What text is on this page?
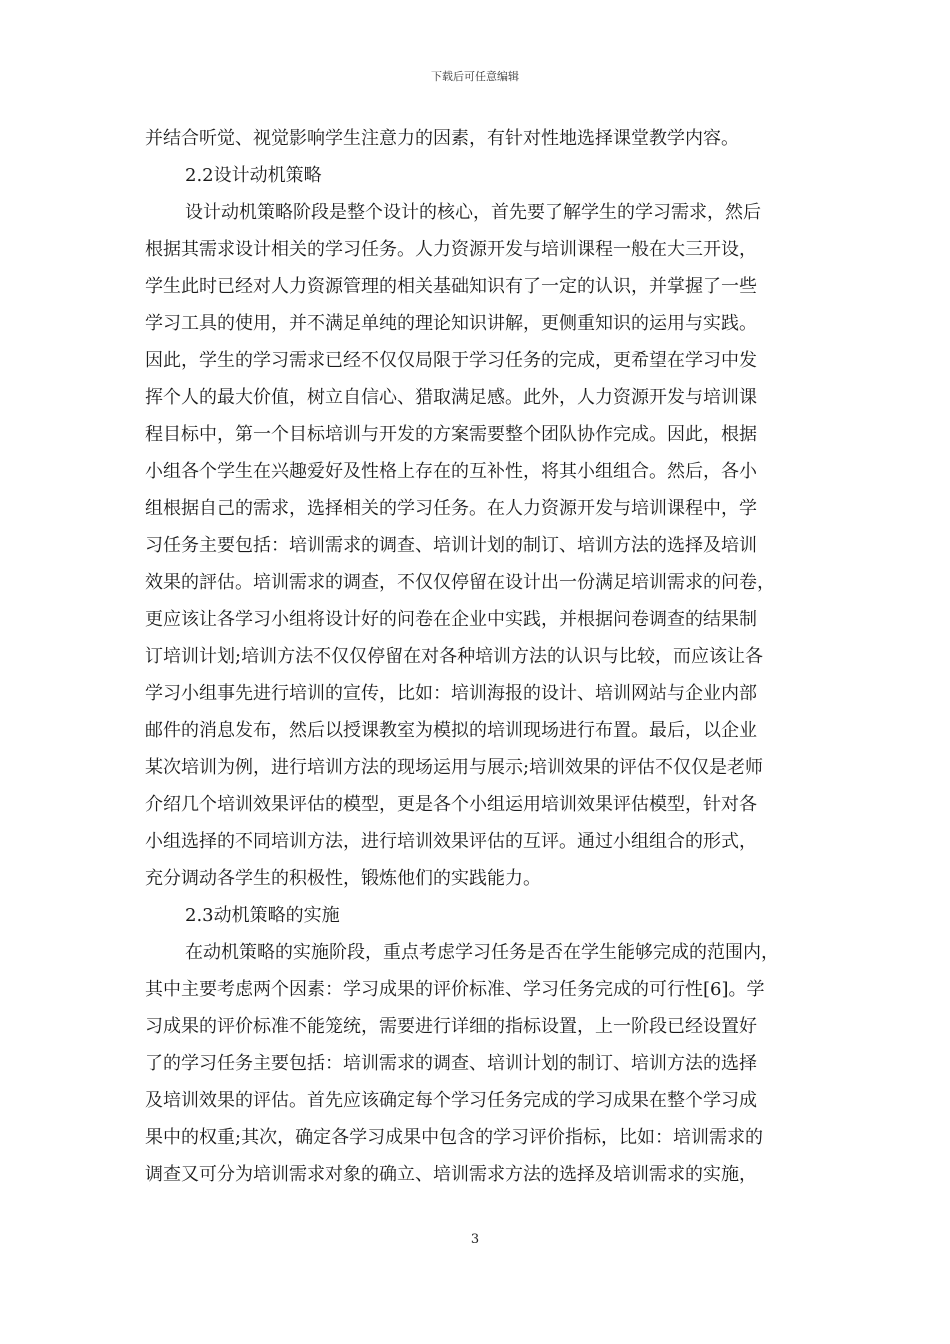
下载后可任意编辑
并结合听觉、视觉影响学生注意力的因素，有针对性地选择课堂教学内容。
2.2设计动机策略
设计动机策略阶段是整个设计的核心，首先要了解学生的学习需求，然后
根据其需求设计相关的学习任务。人力资源开发与培训课程一般在大三开设，
学生此时已经对人力资源管理的相关基础知识有了一定的认识，并掌握了一些
学习工具的使用，并不满足单纯的理论知识讲解，更侧重知识的运用与实践。
因此，学生的学习需求已经不仅仅局限于学习任务的完成，更希望在学习中发
挥个人的最大价值，树立自信心、猎取满足感。此外，人力资源开发与培训课
程目标中，第一个目标培训与开发的方案需要整个团队协作完成。因此，根据
小组各个学生在兴趣爱好及性格上存在的互补性，将其小组组合。然后，各小
组根据自己的需求，选择相关的学习任务。在人力资源开发与培训课程中，学
习任务主要包括：培训需求的调查、培训计划的制订、培训方法的选择及培训
效果的評估。培训需求的调查，不仅仅停留在设计出一份满足培训需求的问卷，
更应该让各学习小组将设计好的问卷在企业中实践，并根据问卷调查的结果制
订培训计划;培训方法不仅仅停留在对各种培训方法的认识与比较，而应该让各
学习小组事先进行培训的宣传，比如：培训海报的设计、培训网站与企业内部
邮件的消息发布，然后以授课教室为模拟的培训现场进行布置。最后，以企业
某次培训为例，进行培训方法的现场运用与展示;培训效果的评估不仅仅是老师
介绍几个培训效果评估的模型，更是各个小组运用培训效果评估模型，针对各
小组选择的不同培训方法，进行培训效果评估的互评。通过小组组合的形式，
充分调动各学生的积极性，锻炼他们的实践能力。
2.3动机策略的实施
在动机策略的实施阶段，重点考虑学习任务是否在学生能够完成的范围内，
其中主要考虑两个因素：学习成果的评价标准、学习任务完成的可行性[6]。学
习成果的评价标准不能笼统，需要进行详细的指标设置，上一阶段已经设置好
了的学习任务主要包括：培训需求的调查、培训计划的制订、培训方法的选择
及培训效果的评估。首先应该确定每个学习任务完成的学习成果在整个学习成
果中的权重;其次，确定各学习成果中包含的学习评价指标，比如：培训需求的
调查又可分为培训需求对象的确立、培训需求方法的选择及培训需求的实施，
3
